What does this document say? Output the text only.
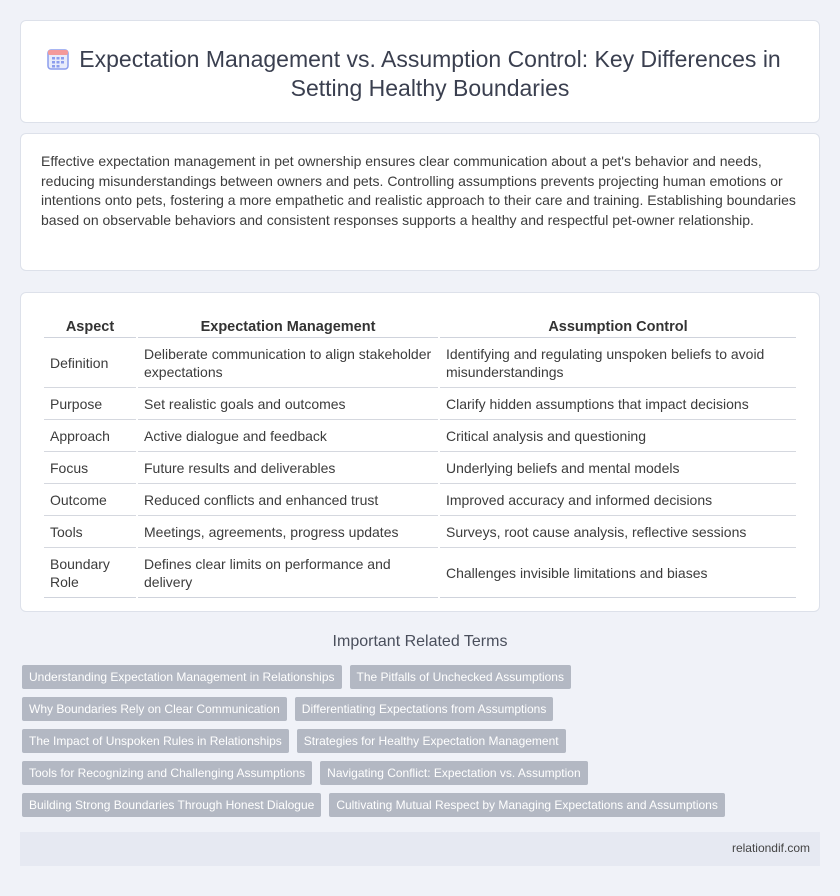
Expectation Management vs. Assumption Control: Key Differences in Setting Healthy Boundaries

Effective expectation management in pet ownership ensures clear communication about a pet's behavior and needs, reducing misunderstandings between owners and pets. Controlling assumptions prevents projecting human emotions or intentions onto pets, fostering a more empathetic and realistic approach to their care and training. Establishing boundaries based on observable behaviors and consistent responses supports a healthy and respectful pet-owner relationship.

Aspect	Expectation Management	Assumption Control
Definition	Deliberate communication to align stakeholder expectations	Identifying and regulating unspoken beliefs to avoid misunderstandings
Purpose	Set realistic goals and outcomes	Clarify hidden assumptions that impact decisions
Approach	Active dialogue and feedback	Critical analysis and questioning
Focus	Future results and deliverables	Underlying beliefs and mental models
Outcome	Reduced conflicts and enhanced trust	Improved accuracy and informed decisions
Tools	Meetings, agreements, progress updates	Surveys, root cause analysis, reflective sessions
Boundary Role	Defines clear limits on performance and delivery	Challenges invisible limitations and biases
Important Related Terms
Understanding Expectation Management in Relationships	The Pitfalls of Unchecked Assumptions
Why Boundaries Rely on Clear Communication	Differentiating Expectations from Assumptions
The Impact of Unspoken Rules in Relationships	Strategies for Healthy Expectation Management
Tools for Recognizing and Challenging Assumptions	Navigating Conflict: Expectation vs. Assumption
Building Strong Boundaries Through Honest Dialogue	Cultivating Mutual Respect by Managing Expectations and Assumptions
relationdif.com
